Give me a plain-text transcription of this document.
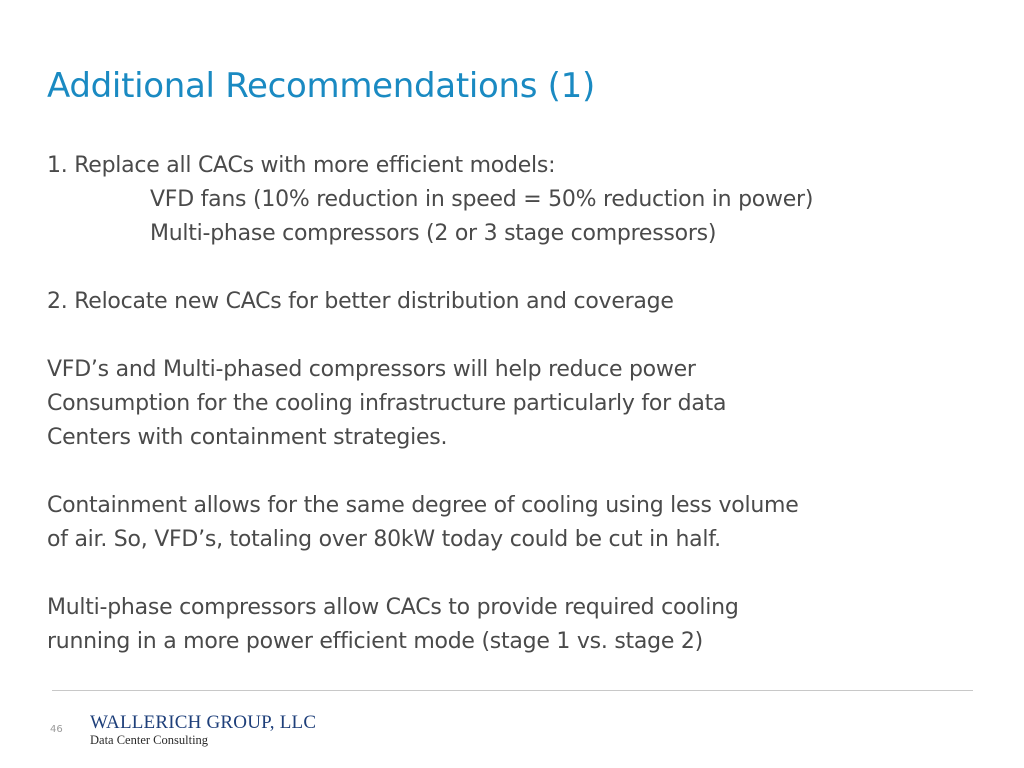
Additional Recommendations (1)
1. Replace all CACs with more efficient models:
VFD fans (10% reduction in speed = 50% reduction in power)
Multi-phase compressors (2 or 3 stage compressors)
2. Relocate new CACs for better distribution and coverage
VFD’s and Multi-phased compressors will help reduce power
Consumption for the cooling infrastructure particularly for data
Centers with containment strategies.
Containment allows for the same degree of cooling using less volume
of air. So, VFD’s, totaling over 80kW today could be cut in half.
Multi-phase compressors allow CACs to provide required cooling
running in a more power efficient mode (stage 1 vs. stage 2)
46 WALLERICH GROUP, LLC
Data Center Consulting
